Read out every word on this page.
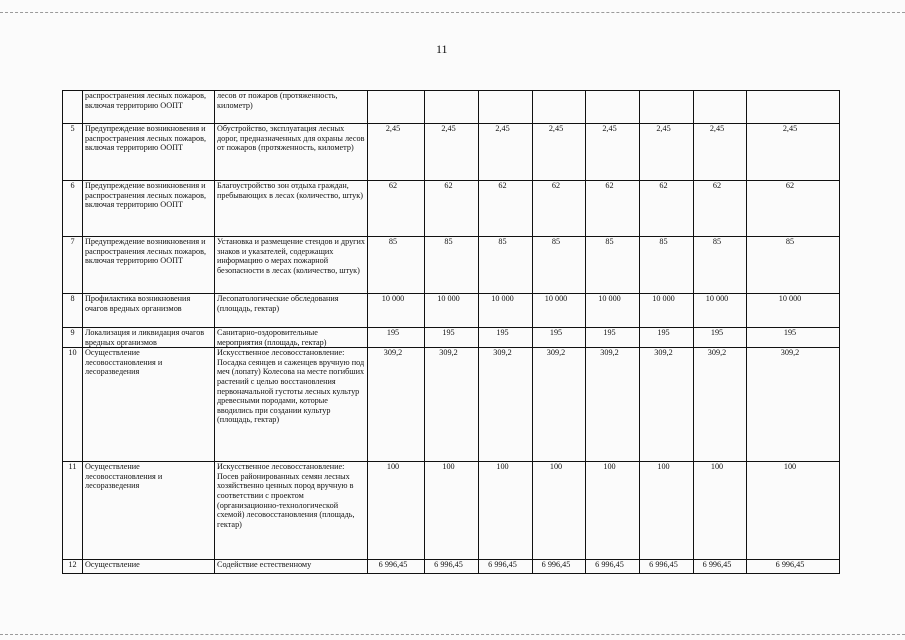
11
	распространения лесных пожаров, включая территорию ООПТ	лесов от пожаров (протяженность, километр)								
5	Предупреждение возникновения и распространения лесных пожаров, включая территорию ООПТ	Обустройство, эксплуатация лесных дорог, предназначенных для охраны лесов от пожаров (протяженность, километр)	2,45	2,45	2,45	2,45	2,45	2,45	2,45	2,45
6	Предупреждение возникновения и распространения лесных пожаров, включая территорию ООПТ	Благоустройство зон отдыха граждан, пребывающих в лесах (количество, штук)	62	62	62	62	62	62	62	62
7	Предупреждение возникновения и распространения лесных пожаров, включая территорию ООПТ	Установка и размещение стендов и других знаков и указателей, содержащих информацию о мерах пожарной безопасности в лесах (количество, штук)	85	85	85	85	85	85	85	85
8	Профилактика возникновения очагов вредных организмов	Лесопатологические обследования (площадь, гектар)	10 000	10 000	10 000	10 000	10 000	10 000	10 000	10 000
9	Локализация и ликвидация очагов вредных организмов	Санитарно-оздоровительные мероприятия (площадь, гектар)	195	195	195	195	195	195	195	195
10	Осуществление лесовосстановления и лесоразведения	Искусственное лесовосстановление: Посадка сеянцев и саженцев вручную под меч (лопату) Колесова на месте погибших растений с целью восстановления первоначальной густоты лесных культур древесными породами, которые вводились при создании культур (площадь, гектар)	309,2	309,2	309,2	309,2	309,2	309,2	309,2	309,2
11	Осуществление лесовосстановления и лесоразведения	Искусственное лесовосстановление: Посев районированных семян лесных хозяйственно ценных пород вручную в соответствии с проектом (организационно-технологической схемой) лесовосстановления (площадь, гектар)	100	100	100	100	100	100	100	100
12	Осуществление	Содействие естественному	6 996,45	6 996,45	6 996,45	6 996,45	6 996,45	6 996,45	6 996,45	6 996,45
